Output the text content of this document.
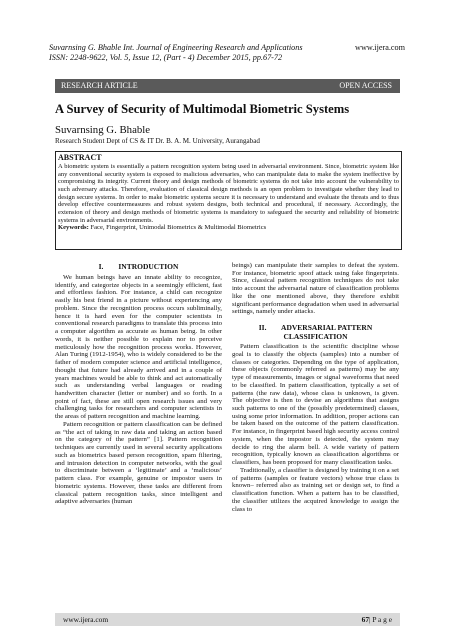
Suvarnsing G. Bhable Int. Journal of Engineering Research and Applications	www.ijera.com
ISSN: 2248-9622, Vol. 5, Issue 12, (Part - 4) December 2015, pp.67-72
RESEARCH ARTICLE	OPEN ACCESS
A Survey of Security of Multimodal Biometric Systems
Suvarnsing G. Bhable
Research Student Dept of CS & IT Dr. B. A. M. University, Aurangabad
ABSTRACT
A biometric system is essentially a pattern recognition system being used in adversarial environment. Since, biometric system like any conventional security system is exposed to malicious adversaries, who can manipulate data to make the system ineffective by compromising its integrity. Current theory and design methods of biometric systems do not take into account the vulnerability to such adversary attacks. Therefore, evaluation of classical design methods is an open problem to investigate whether they lead to design secure systems. In order to make biometric systems secure it is necessary to understand and evaluate the threats and to thus develop effective countermeasures and robust system designs, both technical and procedural, if necessary. Accordingly, the extension of theory and design methods of biometric systems is mandatory to safeguard the security and reliability of biometric systems in adversarial environments.
Keywords: Face, Fingerprint, Unimodal Biometrics & Multimodal Biometrics
I.        INTRODUCTION

We human beings have an innate ability to recognize, identify, and categorize objects in a seemingly efficient, fast and effortless fashion. For instance, a child can recognize easily his best friend in a picture without experiencing any problem. Since the recognition process occurs subliminally, hence it is hard even for the computer scientists in conventional research paradigms to translate this process into a computer algorithm as accurate as human being. In other words, it is neither possible to explain nor to perceive meticulously how the recognition process works. However, Alan Turing (1912-1954), who is widely considered to be the father of modern computer science and artificial intelligence, thought that future had already arrived and in a couple of years machines would be able to think and act automatically such as understanding verbal languages or reading handwritten character (letter or number) and so forth. In a point of fact, these are still open research issues and very challenging tasks for researchers and computer scientists in the areas of pattern recognition and machine learning.

Pattern recognition or pattern classification can be defined as “the act of taking in raw data and taking an action based on the category of the pattern” [1]. Pattern recognition techniques are currently used in several security applications such as biometrics based person recognition, spam filtering, and intrusion detection in computer networks, with the goal to discriminate between a ‘legitimate’ and a ‘malicious’ pattern class. For example, genuine or impostor users in biometric systems. However, these tasks are different from classical pattern recognition tasks, since intelligent and adaptive adversaries (human

beings) can manipulate their samples to defeat the system. For instance, biometric spoof attack using fake fingerprints. Since, classical pattern recognition techniques do not take into account the adversarial nature of classification problems like the one mentioned above, they therefore exhibit significant performance degradation when used in adversarial settings, namely under attacks.

II.        ADVERSARIAL PATTERN
CLASSIFICATION

Pattern classification is the scientific discipline whose goal is to classify the objects (samples) into a number of classes or categories. Depending on the type of application, these objects (commonly referred as patterns) may be any type of measurements, images or signal waveforms that need to be classified. In pattern classification, typically a set of patterns (the raw data), whose class is unknown, is given. The objective is then to devise an algorithms that assigns such patterns to one of the (possibly predetermined) classes, using some prior information. In addition, proper actions can be taken based on the outcome of the pattern classification. For instance, in fingerprint based high security access control system, when the impostor is detected, the system may decide to ring the alarm bell. A wide variety of pattern recognition, typically known as classification algorithms or classifiers, has been proposed for many classification tasks.

Traditionally, a classifier is designed by training it on a set of patterns (samples or feature vectors) whose true class is known– referred also as training set or design set, to find a classification function. When a pattern has to be classified, the classifier utilizes the acquired knowledge to assign the class to

www.ijera.com	67| P a g e
